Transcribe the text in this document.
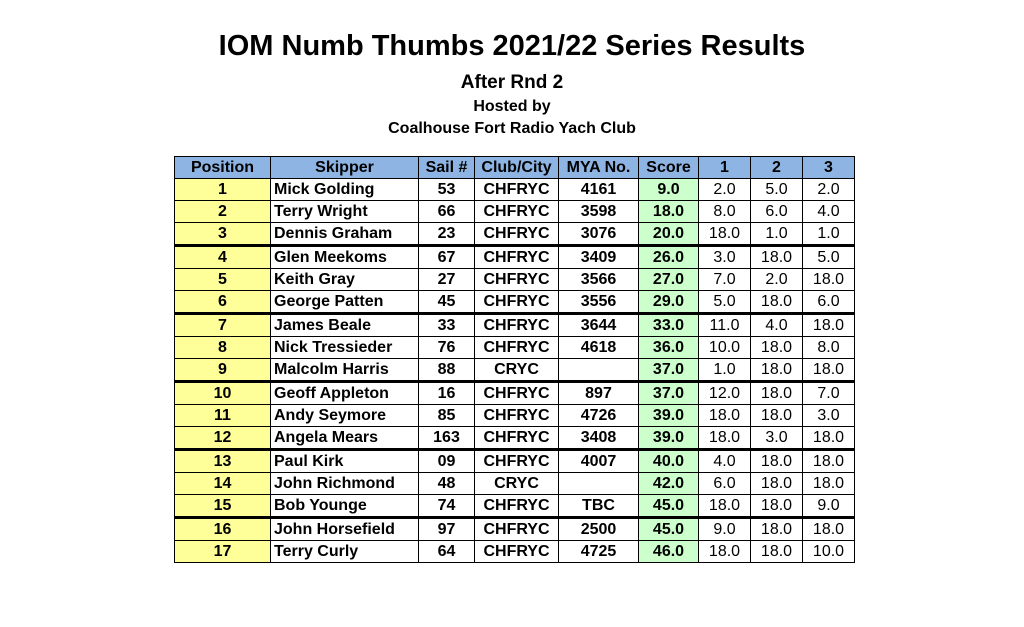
IOM Numb Thumbs 2021/22 Series Results
After Rnd 2
Hosted by
Coalhouse Fort Radio Yach Club
Position	Skipper	Sail #	Club/City	MYA No.	Score	1	2	3
1	Mick Golding	53	CHFRYC	4161	9.0	2.0	5.0	2.0
2	Terry Wright	66	CHFRYC	3598	18.0	8.0	6.0	4.0
3	Dennis Graham	23	CHFRYC	3076	20.0	18.0	1.0	1.0
4	Glen Meekoms	67	CHFRYC	3409	26.0	3.0	18.0	5.0
5	Keith Gray	27	CHFRYC	3566	27.0	7.0	2.0	18.0
6	George Patten	45	CHFRYC	3556	29.0	5.0	18.0	6.0
7	James Beale	33	CHFRYC	3644	33.0	11.0	4.0	18.0
8	Nick Tressieder	76	CHFRYC	4618	36.0	10.0	18.0	8.0
9	Malcolm Harris	88	CRYC		37.0	1.0	18.0	18.0
10	Geoff Appleton	16	CHFRYC	897	37.0	12.0	18.0	7.0
11	Andy Seymore	85	CHFRYC	4726	39.0	18.0	18.0	3.0
12	Angela Mears	163	CHFRYC	3408	39.0	18.0	3.0	18.0
13	Paul Kirk	09	CHFRYC	4007	40.0	4.0	18.0	18.0
14	John Richmond	48	CRYC		42.0	6.0	18.0	18.0
15	Bob Younge	74	CHFRYC	TBC	45.0	18.0	18.0	9.0
16	John Horsefield	97	CHFRYC	2500	45.0	9.0	18.0	18.0
17	Terry Curly	64	CHFRYC	4725	46.0	18.0	18.0	10.0
